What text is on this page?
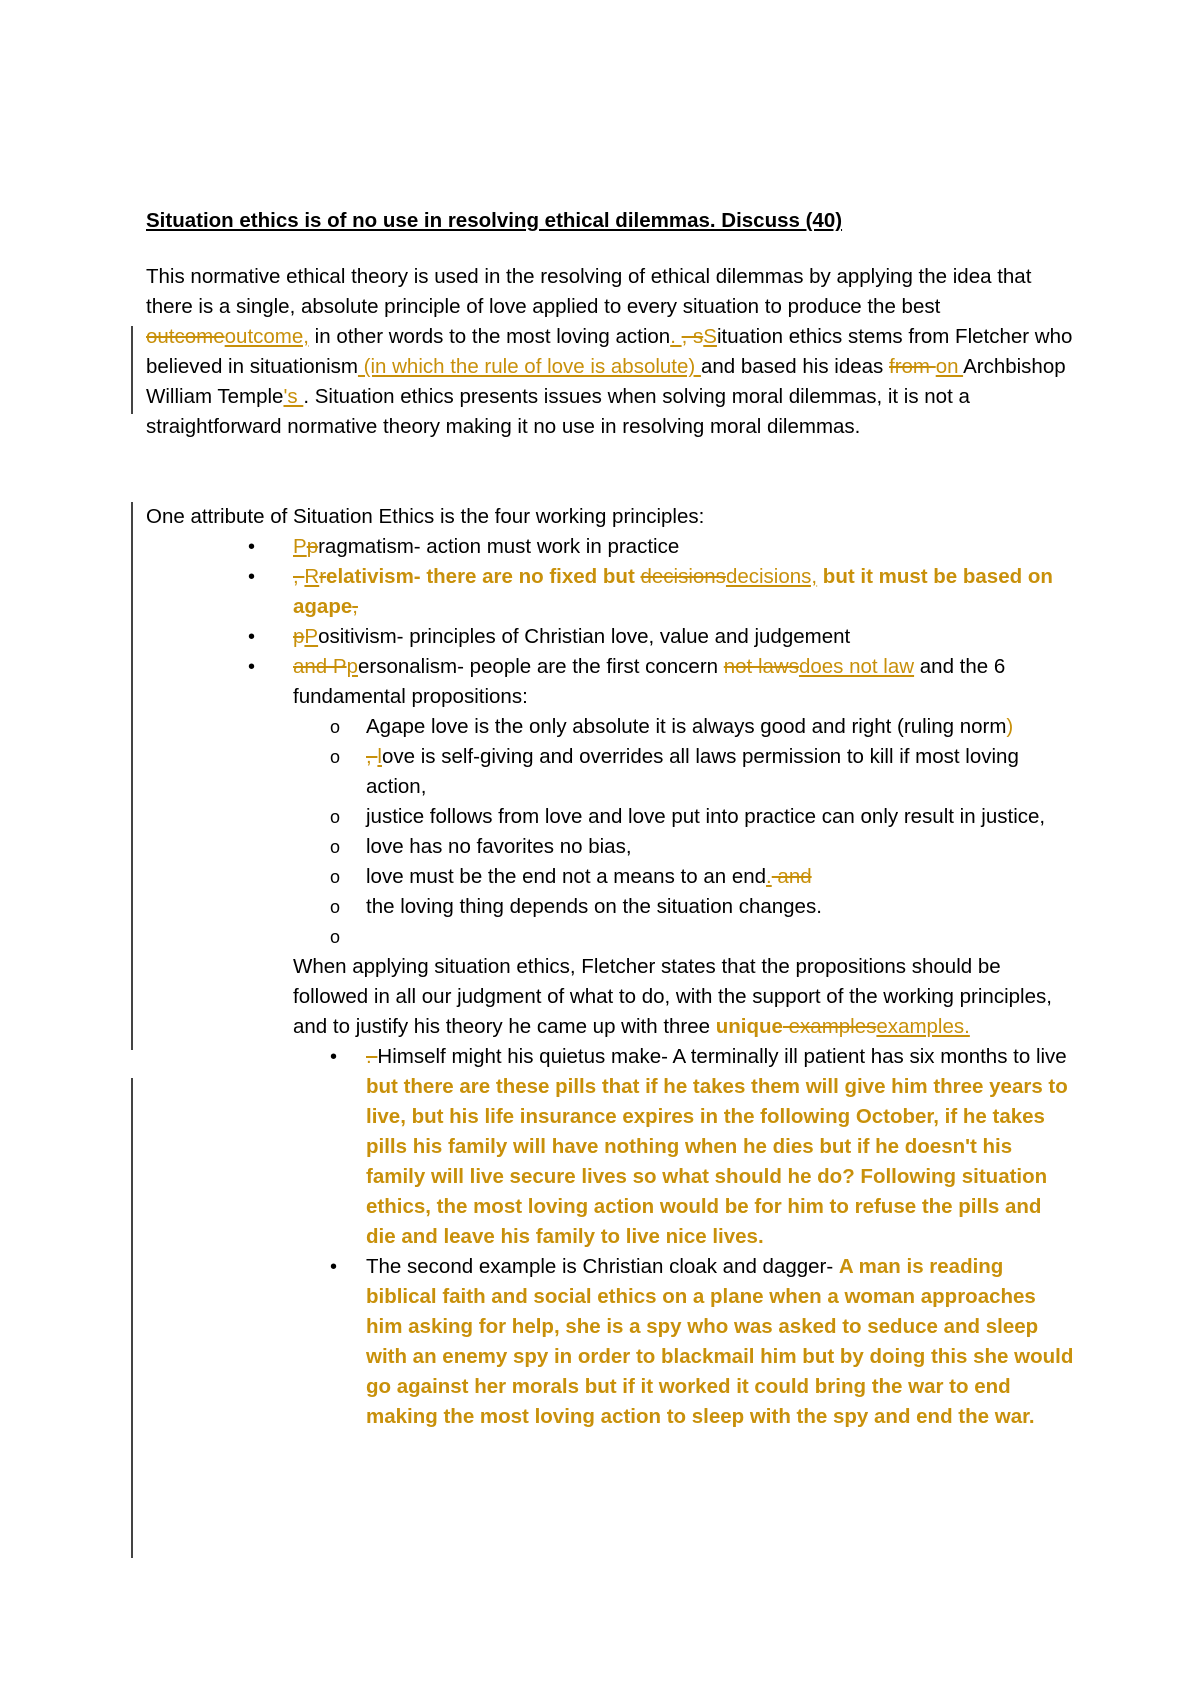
Situation ethics is of no use in resolving ethical dilemmas. Discuss (40)
This normative ethical theory is used in the resolving of ethical dilemmas by applying the idea that there is a single, absolute principle of love applied to every situation to produce the best outcomeoutcome, in other words to the most loving action. , sSituation ethics stems from Fletcher who believed in situationism (in which the rule of love is absolute) and based his ideas from on Archbishop William Temple's . Situation ethics presents issues when solving moral dilemmas, it is not a straightforward normative theory making it no use in resolving moral dilemmas.
One attribute of Situation Ethics is the four working principles:
• Ppragmatism- action must work in practice
• , Rrelativism- there are no fixed but decisionsdecisions, but it must be based on agape,
• pPositivism- principles of Christian love, value and judgement
• and Ppersonalism- people are the first concern not lawsdoes not law and the 6 fundamental propositions:
o Agape love is the only absolute it is always good and right (ruling norm)
o , love is self-giving and overrides all laws permission to kill if most loving action,
o justice follows from love and love put into practice can only result in justice,
o love has no favorites no bias,
o love must be the end not a means to an end. and
o the loving thing depends on the situation changes.
o
When applying situation ethics, Fletcher states that the propositions should be followed in all our judgment of what to do, with the support of the working principles, and to justify his theory he came up with three unique examplesexamples.
• . Himself might his quietus make- A terminally ill patient has six months to live but there are these pills that if he takes them will give him three years to live, but his life insurance expires in the following October, if he takes pills his family will have nothing when he dies but if he doesn't his family will live secure lives so what should he do? Following situation ethics, the most loving action would be for him to refuse the pills and die and leave his family to live nice lives.
• The second example is Christian cloak and dagger- A man is reading biblical faith and social ethics on a plane when a woman approaches him asking for help, she is a spy who was asked to seduce and sleep with an enemy spy in order to blackmail him but by doing this she would go against her morals but if it worked it could bring the war to end making the most loving action to sleep with the spy and end the war.
